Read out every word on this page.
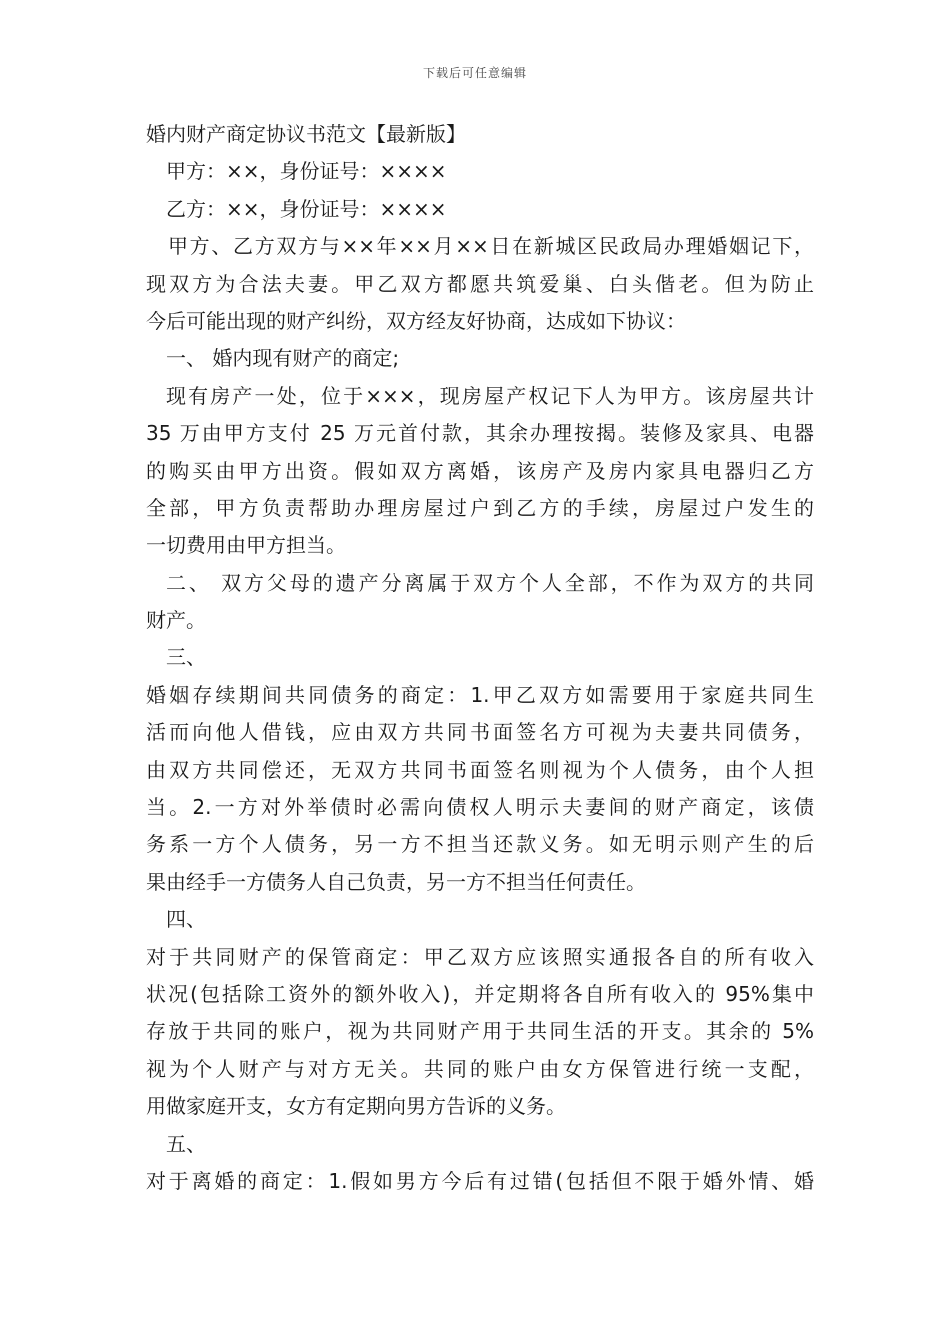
下载后可任意编辑
婚内财产商定协议书范文【最新版】
甲方：××，身份证号：××××
乙方：××，身份证号：××××
甲方、乙方双方与××年××月××日在新城区民政局办理婚姻记下，
现双方为合法夫妻。甲乙双方都愿共筑爱巢、白头偕老。但为防止
今后可能出现的财产纠纷，双方经友好协商，达成如下协议：
一、 婚内现有财产的商定;
现有房产一处，位于×××，现房屋产权记下人为甲方。该房屋共计
35 万由甲方支付 25 万元首付款，其余办理按揭。装修及家具、电器
的购买由甲方出资。假如双方离婚，该房产及房内家具电器归乙方
全部，甲方负责帮助办理房屋过户到乙方的手续，房屋过户发生的
一切费用由甲方担当。
二、 双方父母的遗产分离属于双方个人全部，不作为双方的共同
财产。
三、
婚姻存续期间共同债务的商定：1.甲乙双方如需要用于家庭共同生
活而向他人借钱，应由双方共同书面签名方可视为夫妻共同债务，
由双方共同偿还，无双方共同书面签名则视为个人债务，由个人担
当。2.一方对外举债时必需向债权人明示夫妻间的财产商定，该债
务系一方个人债务，另一方不担当还款义务。如无明示则产生的后
果由经手一方债务人自己负责，另一方不担当任何责任。
四、
对于共同财产的保管商定：甲乙双方应该照实通报各自的所有收入
状况(包括除工资外的额外收入)，并定期将各自所有收入的 95%集中
存放于共同的账户，视为共同财产用于共同生活的开支。其余的 5%
视为个人财产与对方无关。共同的账户由女方保管进行统一支配，
用做家庭开支，女方有定期向男方告诉的义务。
五、
对于离婚的商定：1.假如男方今后有过错(包括但不限于婚外情、婚
